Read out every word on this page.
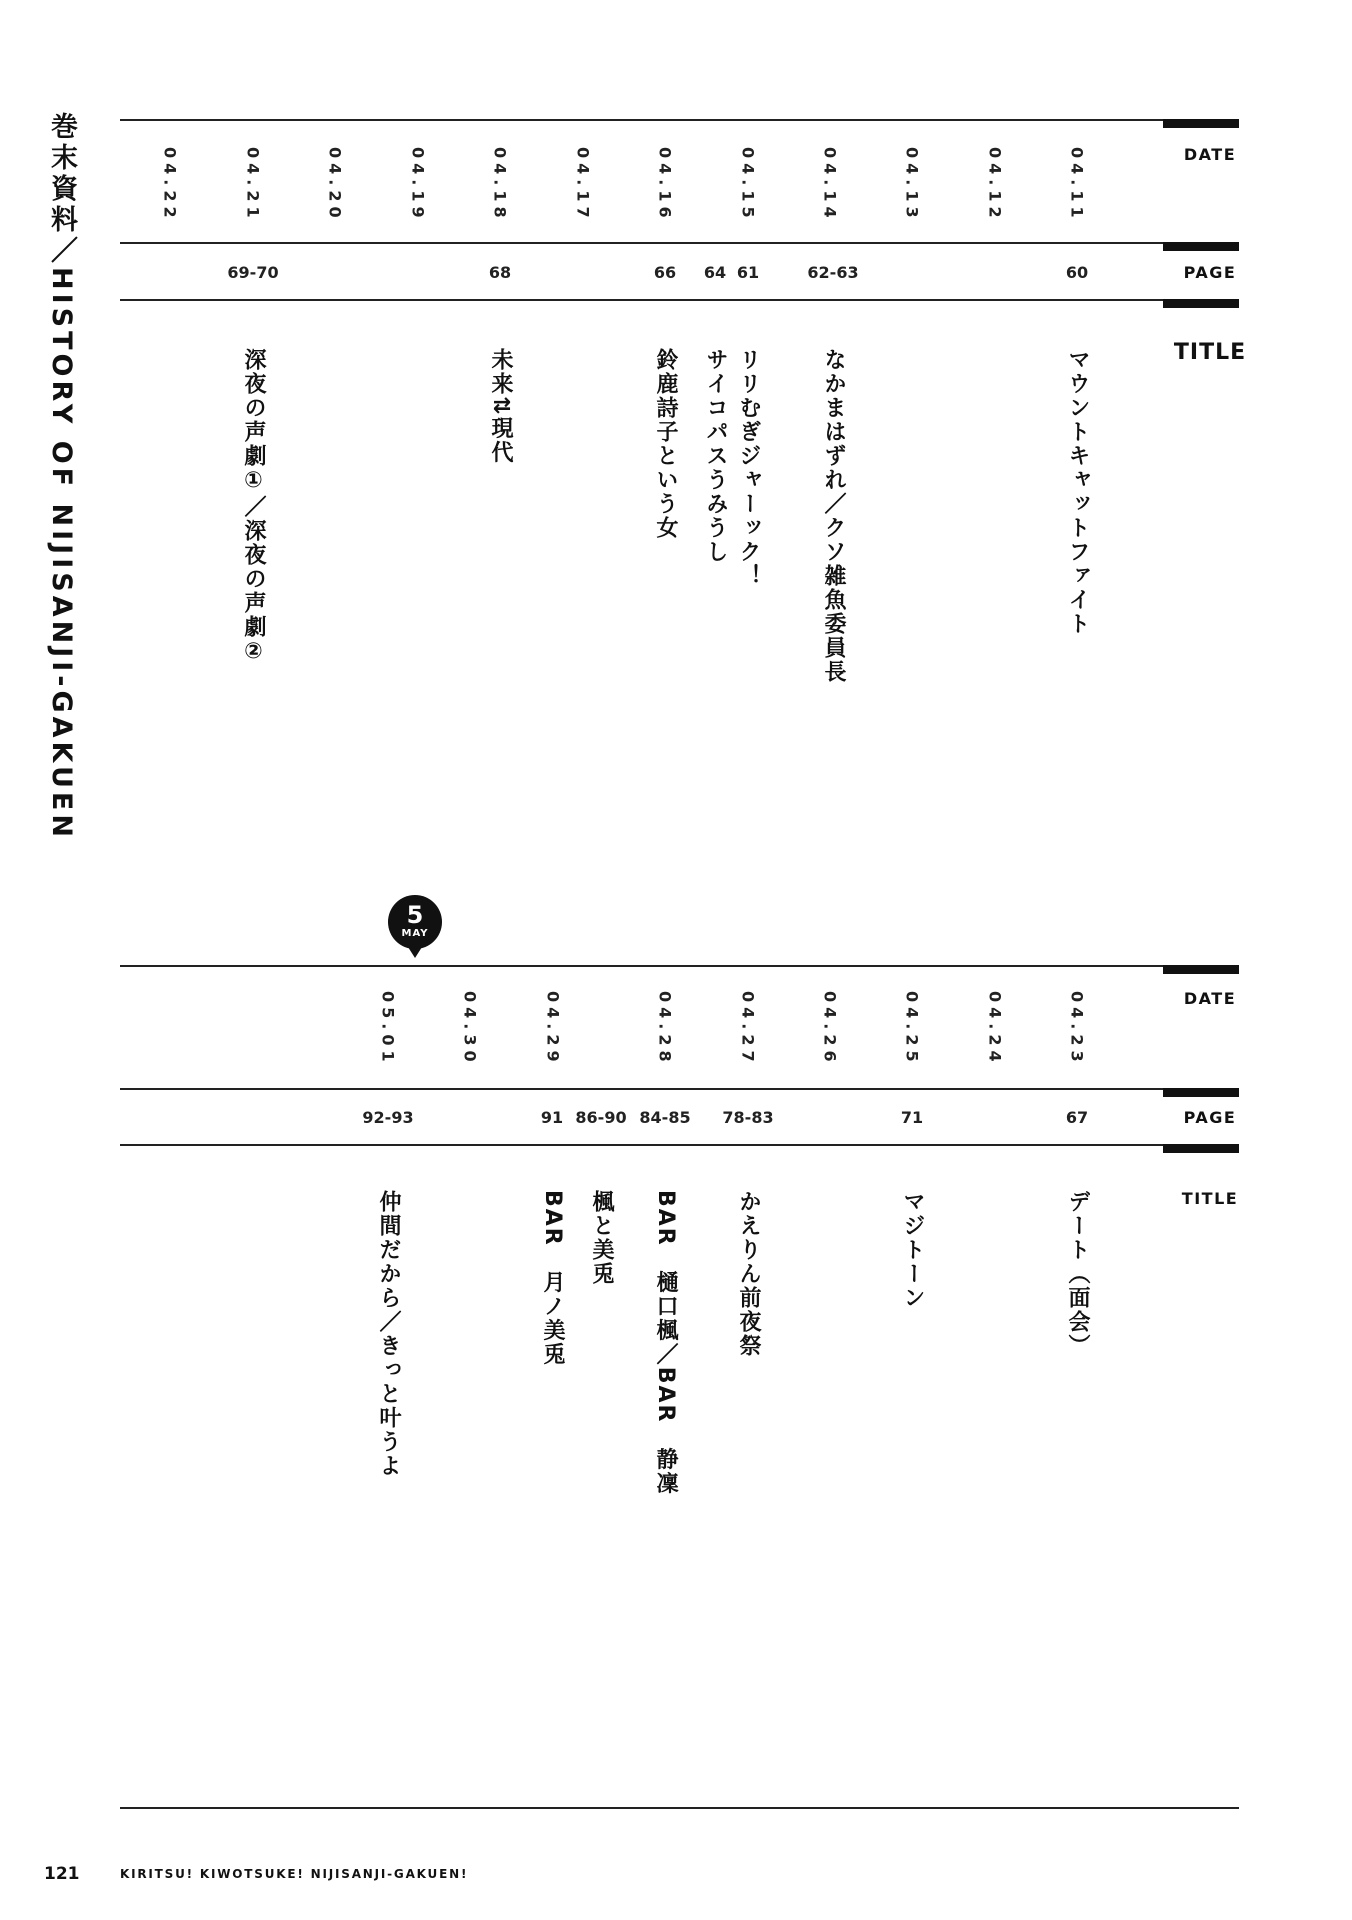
巻末資料／HISTORY OF NIJISANJI-GAKUEN	DATE
04.11
04.12
04.13
04.14
04.15
04.16
04.17
04.18
04.19
04.20
04.21
04.22
PAGE
60
62-63
61
64
66
68
69-70
TITLE
マウントキャットファイト
なかまはずれ／クソ雑魚委員長
リリむぎジャーック！
サイコパスうみうし
鈴鹿詩子という女
未来⇅現代
深夜の声劇①／深夜の声劇②
5
MAY
DATE
04.23
04.24
04.25
04.26
04.27
04.28
04.29
04.30
05.01
PAGE
67
71
78-83
84-85
86-90
91
92-93
TITLE
デート（面会）
マジトーン
かえりん前夜祭
BAR　樋口楓／BAR　静凜
楓と美兎
BAR　月ノ美兎
仲間だから／きっと叶うよ
121	KIRITSU! KIWOTSUKE! NIJISANJI-GAKUEN!
